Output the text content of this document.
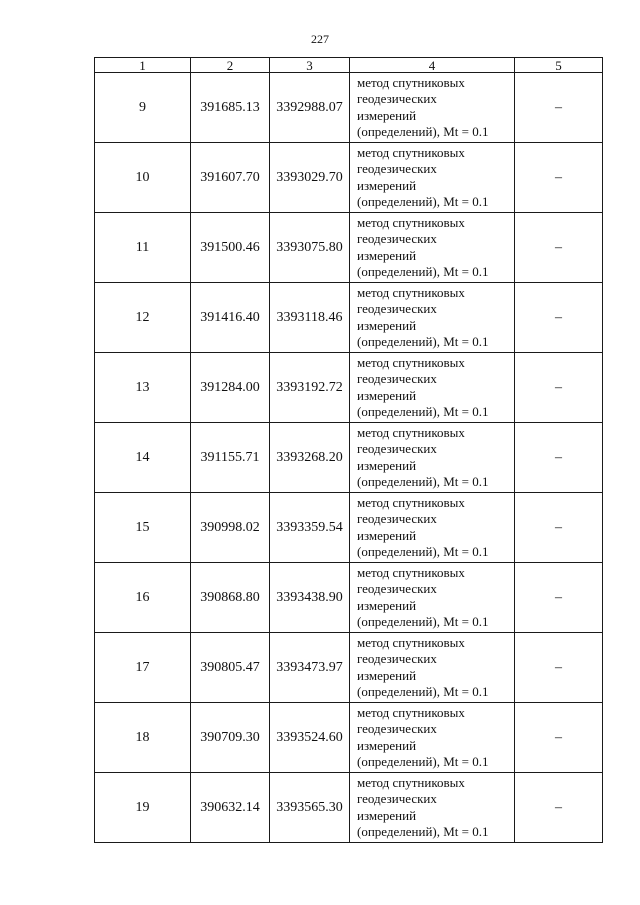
227
1	2	3	4	5
9	391685.13	3392988.07	метод спутниковых
геодезических
измерений
(определений), Mt = 0.1	–
10	391607.70	3393029.70	метод спутниковых
геодезических
измерений
(определений), Mt = 0.1	–
11	391500.46	3393075.80	метод спутниковых
геодезических
измерений
(определений), Mt = 0.1	–
12	391416.40	3393118.46	метод спутниковых
геодезических
измерений
(определений), Mt = 0.1	–
13	391284.00	3393192.72	метод спутниковых
геодезических
измерений
(определений), Mt = 0.1	–
14	391155.71	3393268.20	метод спутниковых
геодезических
измерений
(определений), Mt = 0.1	–
15	390998.02	3393359.54	метод спутниковых
геодезических
измерений
(определений), Mt = 0.1	–
16	390868.80	3393438.90	метод спутниковых
геодезических
измерений
(определений), Mt = 0.1	–
17	390805.47	3393473.97	метод спутниковых
геодезических
измерений
(определений), Mt = 0.1	–
18	390709.30	3393524.60	метод спутниковых
геодезических
измерений
(определений), Mt = 0.1	–
19	390632.14	3393565.30	метод спутниковых
геодезических
измерений
(определений), Mt = 0.1	–
